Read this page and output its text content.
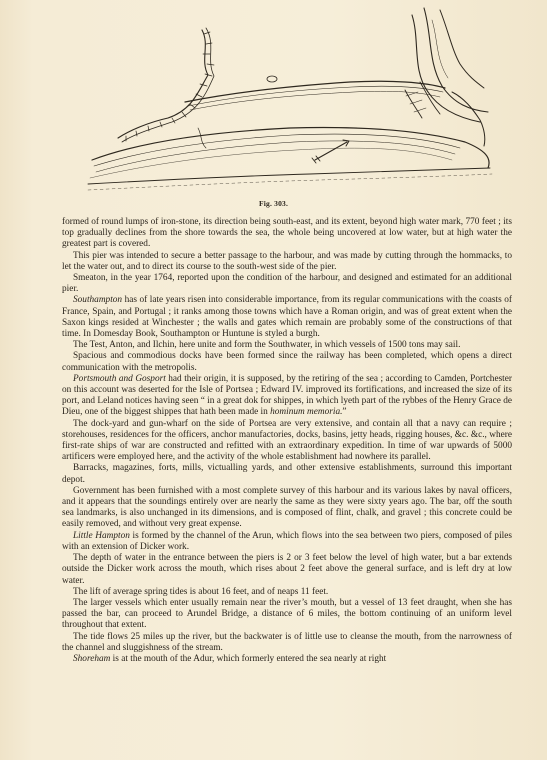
Fig. 303.

formed of round lumps of iron-stone, its direction being south-east, and its extent, beyond high water mark, 770 feet ; its top gradually declines from the shore towards the sea, the whole being uncovered at low water, but at high water the greatest part is covered.

This pier was intended to secure a better passage to the harbour, and was made by cutting through the hommacks, to let the water out, and to direct its course to the south-west side of the pier.

Smeaton, in the year 1764, reported upon the condition of the harbour, and designed and estimated for an additional pier.

Southampton has of late years risen into considerable importance, from its regular communications with the coasts of France, Spain, and Portugal ; it ranks among those towns which have a Roman origin, and was of great extent when the Saxon kings resided at Winchester ; the walls and gates which remain are probably some of the constructions of that time. In Domesday Book, Southampton or Huntune is styled a burgh.

The Test, Anton, and Ilchin, here unite and form the Southwater, in which vessels of 1500 tons may sail.

Spacious and commodious docks have been formed since the railway has been completed, which opens a direct communication with the metropolis.

Portsmouth and Gosport had their origin, it is supposed, by the retiring of the sea ; according to Camden, Portchester on this account was deserted for the Isle of Portsea ; Edward IV. improved its fortifications, and increased the size of its port, and Leland notices having seen “ in a great dok for shippes, in which lyeth part of the rybbes of the Henry Grace de Dieu, one of the biggest shippes that hath been made in hominum memoria.”

The dock-yard and gun-wharf on the side of Portsea are very extensive, and contain all that a navy can require ; storehouses, residences for the officers, anchor manufactories, docks, basins, jetty heads, rigging houses, &c. &c., where first-rate ships of war are constructed and refitted with an extraordinary expedition. In time of war upwards of 5000 artificers were employed here, and the activity of the whole establishment had nowhere its parallel.

Barracks, magazines, forts, mills, victualling yards, and other extensive establishments, surround this important depot.

Government has been furnished with a most complete survey of this harbour and its various lakes by naval officers, and it appears that the soundings entirely over are nearly the same as they were sixty years ago. The bar, off the south sea landmarks, is also unchanged in its dimensions, and is composed of flint, chalk, and gravel ; this concrete could be easily removed, and without very great expense.

Little Hampton is formed by the channel of the Arun, which flows into the sea between two piers, composed of piles with an extension of Dicker work.

The depth of water in the entrance between the piers is 2 or 3 feet below the level of high water, but a bar extends outside the Dicker work across the mouth, which rises about 2 feet above the general surface, and is left dry at low water.

The lift of average spring tides is about 16 feet, and of neaps 11 feet.

The larger vessels which enter usually remain near the river’s mouth, but a vessel of 13 feet draught, when she has passed the bar, can proceed to Arundel Bridge, a distance of 6 miles, the bottom continuing of an uniform level throughout that extent.

The tide flows 25 miles up the river, but the backwater is of little use to cleanse the mouth, from the narrowness of the channel and sluggishness of the stream.

Shoreham is at the mouth of the Adur, which formerly entered the sea nearly at right
